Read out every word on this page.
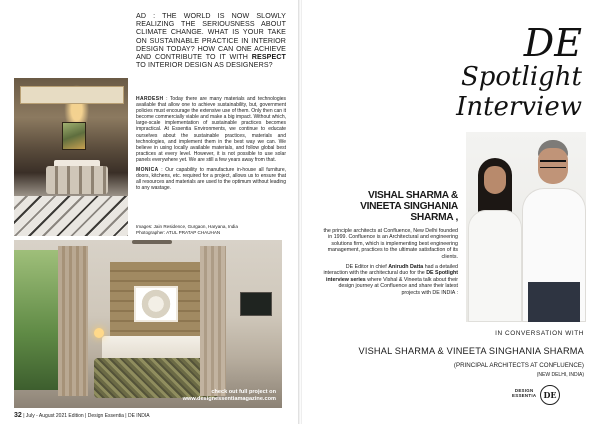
AD : THE WORLD IS NOW SLOWLY REALIZING THE SERIOUSNESS ABOUT CLIMATE CHANGE. WHAT IS YOUR TAKE ON SUSTAINABLE PRACTICE IN INTERIOR DESIGN TODAY? HOW CAN ONE ACHIEVE AND CONTRIBUTE TO IT WITH RESPECT TO INTERIOR DESIGN AS DESIGNERS?

HARDESH : Today there are many materials and technologies available that allow one to achieve sustainability, but, government policies must encourage the extensive use of them. Only then can it become commercially viable and make a big impact. Without which, large-scale implementation of sustainable practices becomes impractical. At Essentia Environments, we continue to educate ourselves about the sustainable practices, materials and technologies, and implement them in the best way we can. We believe in using locally available materials, and follow global best practices at every level. However, it is not possible to use solar panels everywhere yet. We are still a few years away from that.

MONICA : Our capability to manufacture in-house all furniture, doors, kitchens, etc. required for a project, allows us to ensure that all resources and materials are used to the optimum without leading to any wastage.

Images: Jain Residence, Gurgaon, Haryana, India
Photographer: ATUL PRATAP CHAUHAN
check out full project on
www.designessentiamagazine.com
32 | July - August 2021 Edition | Design Essentia | DE INDIA
DE
Spotlight
Interview
VISHAL SHARMA &
VINEETA SINGHANIA
SHARMA ,

the principle architects at Confluence, New Delhi founded in 1999. Confluence is an Architectural and engineering solutions firm, which is implementing best engineering management, practices to the ultimate satisfaction of its clients.

DE Editor in chief Anirudh Datta had a detailed interaction with the architectural duo for the DE Spotlight interview series where Vishal & Vineeta talk about their design journey at Confluence and share their latest projects with DE INDIA :

IN CONVERSATION WITH
VISHAL SHARMA & VINEETA SINGHANIA SHARMA
(PRINCIPAL ARCHITECTS AT CONFLUENCE)
(NEW DELHI, INDIA)
DESIGN
ESSENTIA DE
